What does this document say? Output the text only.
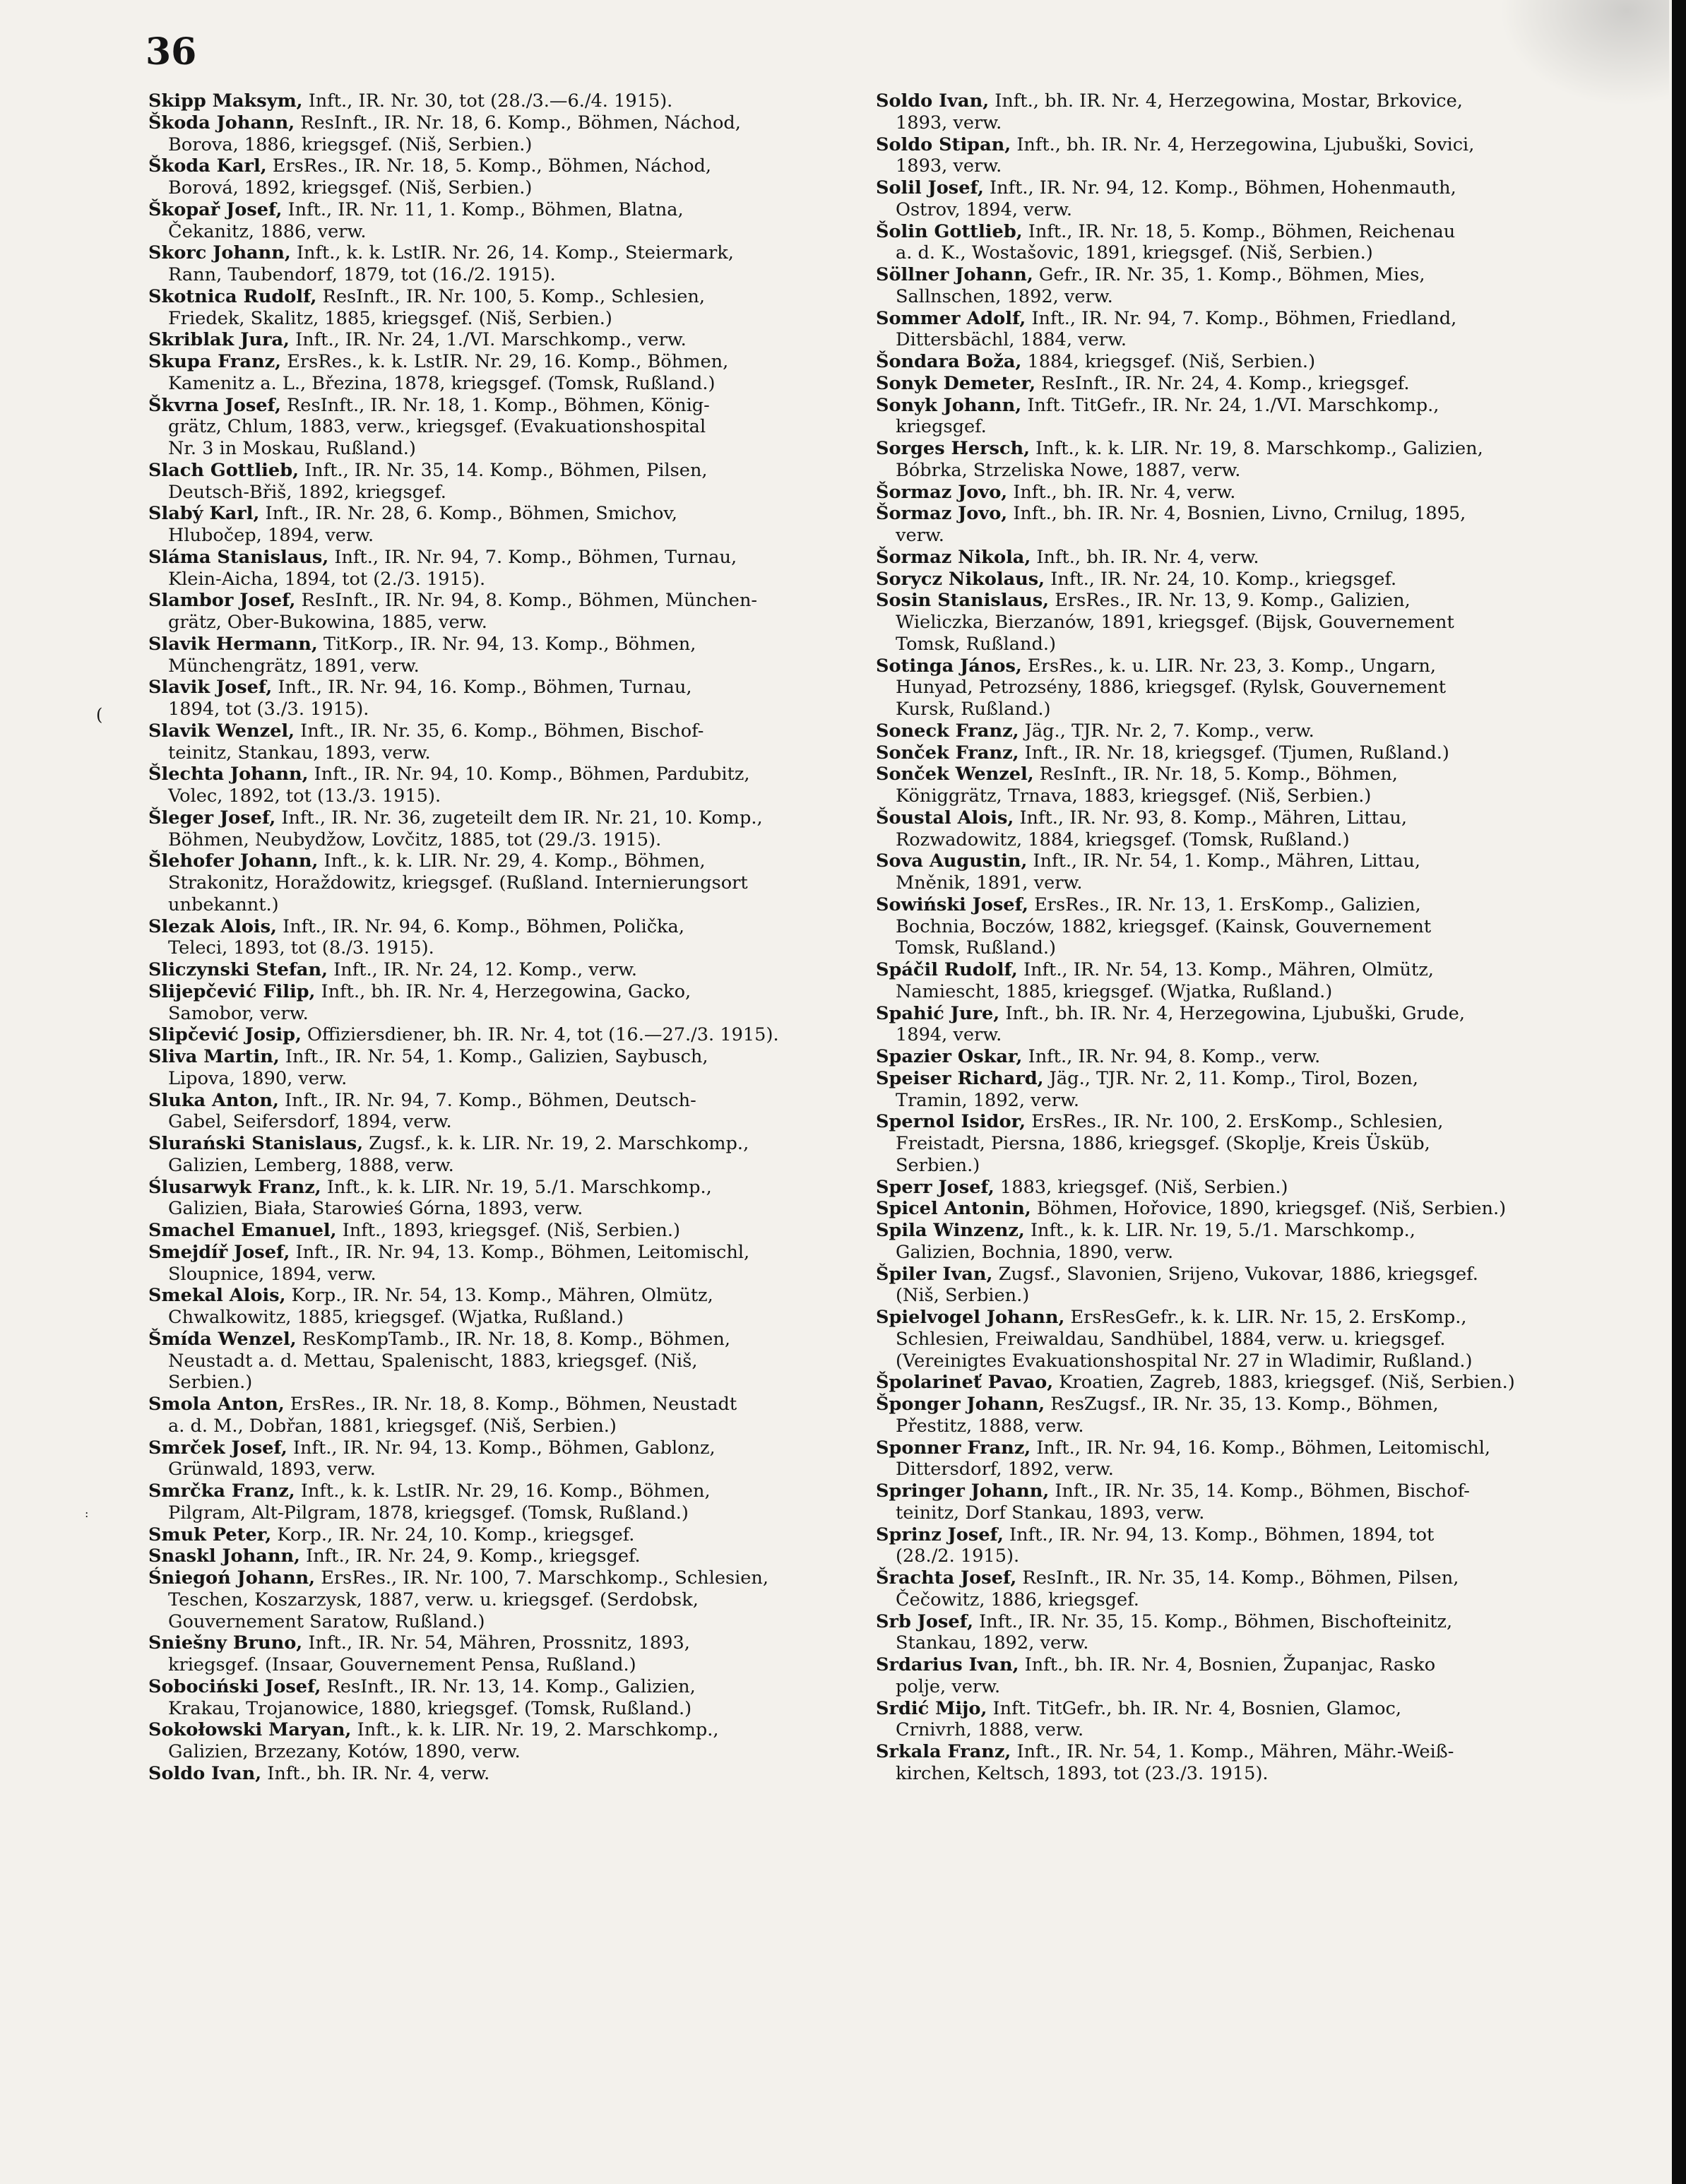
36
(
:
Skipp Maksym, Inft., IR. Nr. 30, tot (28./3.—6./4. 1915).
Škoda Johann, ResInft., IR. Nr. 18, 6. Komp., Böhmen, Náchod,
Borova, 1886, kriegsgef. (Niš, Serbien.)
Škoda Karl, ErsRes., IR. Nr. 18, 5. Komp., Böhmen, Náchod,
Borová, 1892, kriegsgef. (Niš, Serbien.)
Škopař Josef, Inft., IR. Nr. 11, 1. Komp., Böhmen, Blatna,
Čekanitz, 1886, verw.
Skorc Johann, Inft., k. k. LstIR. Nr. 26, 14. Komp., Steiermark,
Rann, Taubendorf, 1879, tot (16./2. 1915).
Skotnica Rudolf, ResInft., IR. Nr. 100, 5. Komp., Schlesien,
Friedek, Skalitz, 1885, kriegsgef. (Niš, Serbien.)
Skriblak Jura, Inft., IR. Nr. 24, 1./VI. Marschkomp., verw.
Skupa Franz, ErsRes., k. k. LstIR. Nr. 29, 16. Komp., Böhmen,
Kamenitz a. L., Březina, 1878, kriegsgef. (Tomsk, Rußland.)
Škvrna Josef, ResInft., IR. Nr. 18, 1. Komp., Böhmen, König-
grätz, Chlum, 1883, verw., kriegsgef. (Evakuationshospital
Nr. 3 in Moskau, Rußland.)
Slach Gottlieb, Inft., IR. Nr. 35, 14. Komp., Böhmen, Pilsen,
Deutsch-Břiš, 1892, kriegsgef.
Slabý Karl, Inft., IR. Nr. 28, 6. Komp., Böhmen, Smichov,
Hlubočep, 1894, verw.
Sláma Stanislaus, Inft., IR. Nr. 94, 7. Komp., Böhmen, Turnau,
Klein-Aicha, 1894, tot (2./3. 1915).
Slambor Josef, ResInft., IR. Nr. 94, 8. Komp., Böhmen, München-
grätz, Ober-Bukowina, 1885, verw.
Slavik Hermann, TitKorp., IR. Nr. 94, 13. Komp., Böhmen,
Münchengrätz, 1891, verw.
Slavik Josef, Inft., IR. Nr. 94, 16. Komp., Böhmen, Turnau,
1894, tot (3./3. 1915).
Slavik Wenzel, Inft., IR. Nr. 35, 6. Komp., Böhmen, Bischof-
teinitz, Stankau, 1893, verw.
Šlechta Johann, Inft., IR. Nr. 94, 10. Komp., Böhmen, Pardubitz,
Volec, 1892, tot (13./3. 1915).
Šleger Josef, Inft., IR. Nr. 36, zugeteilt dem IR. Nr. 21, 10. Komp.,
Böhmen, Neubydžow, Lovčitz, 1885, tot (29./3. 1915).
Šlehofer Johann, Inft., k. k. LIR. Nr. 29, 4. Komp., Böhmen,
Strakonitz, Horaždowitz, kriegsgef. (Rußland. Internierungsort
unbekannt.)
Slezak Alois, Inft., IR. Nr. 94, 6. Komp., Böhmen, Polička,
Teleci, 1893, tot (8./3. 1915).
Sliczynski Stefan, Inft., IR. Nr. 24, 12. Komp., verw.
Slijepčević Filip, Inft., bh. IR. Nr. 4, Herzegowina, Gacko,
Samobor, verw.
Slipčević Josip, Offiziersdiener, bh. IR. Nr. 4, tot (16.—27./3. 1915).
Sliva Martin, Inft., IR. Nr. 54, 1. Komp., Galizien, Saybusch,
Lipova, 1890, verw.
Sluka Anton, Inft., IR. Nr. 94, 7. Komp., Böhmen, Deutsch-
Gabel, Seifersdorf, 1894, verw.
Slurański Stanislaus, Zugsf., k. k. LIR. Nr. 19, 2. Marschkomp.,
Galizien, Lemberg, 1888, verw.
Ślusarwyk Franz, Inft., k. k. LIR. Nr. 19, 5./1. Marschkomp.,
Galizien, Biała, Starowieś Górna, 1893, verw.
Smachel Emanuel, Inft., 1893, kriegsgef. (Niš, Serbien.)
Smejdíř Josef, Inft., IR. Nr. 94, 13. Komp., Böhmen, Leitomischl,
Sloupnice, 1894, verw.
Smekal Alois, Korp., IR. Nr. 54, 13. Komp., Mähren, Olmütz,
Chwalkowitz, 1885, kriegsgef. (Wjatka, Rußland.)
Šmída Wenzel, ResKompTamb., IR. Nr. 18, 8. Komp., Böhmen,
Neustadt a. d. Mettau, Spalenischt, 1883, kriegsgef. (Niš,
Serbien.)
Smola Anton, ErsRes., IR. Nr. 18, 8. Komp., Böhmen, Neustadt
a. d. M., Dobřan, 1881, kriegsgef. (Niš, Serbien.)
Smrček Josef, Inft., IR. Nr. 94, 13. Komp., Böhmen, Gablonz,
Grünwald, 1893, verw.
Smrčka Franz, Inft., k. k. LstIR. Nr. 29, 16. Komp., Böhmen,
Pilgram, Alt-Pilgram, 1878, kriegsgef. (Tomsk, Rußland.)
Smuk Peter, Korp., IR. Nr. 24, 10. Komp., kriegsgef.
Snaskl Johann, Inft., IR. Nr. 24, 9. Komp., kriegsgef.
Śniegoń Johann, ErsRes., IR. Nr. 100, 7. Marschkomp., Schlesien,
Teschen, Koszarzysk, 1887, verw. u. kriegsgef. (Serdobsk,
Gouvernement Saratow, Rußland.)
Sniešny Bruno, Inft., IR. Nr. 54, Mähren, Prossnitz, 1893,
kriegsgef. (Insaar, Gouvernement Pensa, Rußland.)
Sobociński Josef, ResInft., IR. Nr. 13, 14. Komp., Galizien,
Krakau, Trojanowice, 1880, kriegsgef. (Tomsk, Rußland.)
Sokołowski Maryan, Inft., k. k. LIR. Nr. 19, 2. Marschkomp.,
Galizien, Brzezany, Kotów, 1890, verw.
Soldo Ivan, Inft., bh. IR. Nr. 4, verw.
Soldo Ivan, Inft., bh. IR. Nr. 4, Herzegowina, Mostar, Brkovice,
1893, verw.
Soldo Stipan, Inft., bh. IR. Nr. 4, Herzegowina, Ljubuški, Sovici,
1893, verw.
Solil Josef, Inft., IR. Nr. 94, 12. Komp., Böhmen, Hohenmauth,
Ostrov, 1894, verw.
Šolin Gottlieb, Inft., IR. Nr. 18, 5. Komp., Böhmen, Reichenau
a. d. K., Wostašovic, 1891, kriegsgef. (Niš, Serbien.)
Söllner Johann, Gefr., IR. Nr. 35, 1. Komp., Böhmen, Mies,
Sallnschen, 1892, verw.
Sommer Adolf, Inft., IR. Nr. 94, 7. Komp., Böhmen, Friedland,
Dittersbächl, 1884, verw.
Šondara Boža, 1884, kriegsgef. (Niš, Serbien.)
Sonyk Demeter, ResInft., IR. Nr. 24, 4. Komp., kriegsgef.
Sonyk Johann, Inft. TitGefr., IR. Nr. 24, 1./VI. Marschkomp.,
kriegsgef.
Sorges Hersch, Inft., k. k. LIR. Nr. 19, 8. Marschkomp., Galizien,
Bóbrka, Strzeliska Nowe, 1887, verw.
Šormaz Jovo, Inft., bh. IR. Nr. 4, verw.
Šormaz Jovo, Inft., bh. IR. Nr. 4, Bosnien, Livno, Crnilug, 1895,
verw.
Šormaz Nikola, Inft., bh. IR. Nr. 4, verw.
Sorycz Nikolaus, Inft., IR. Nr. 24, 10. Komp., kriegsgef.
Sosin Stanislaus, ErsRes., IR. Nr. 13, 9. Komp., Galizien,
Wieliczka, Bierzanów, 1891, kriegsgef. (Bijsk, Gouvernement
Tomsk, Rußland.)
Sotinga János, ErsRes., k. u. LIR. Nr. 23, 3. Komp., Ungarn,
Hunyad, Petrozsény, 1886, kriegsgef. (Rylsk, Gouvernement
Kursk, Rußland.)
Soneck Franz, Jäg., TJR. Nr. 2, 7. Komp., verw.
Sonček Franz, Inft., IR. Nr. 18, kriegsgef. (Tjumen, Rußland.)
Sonček Wenzel, ResInft., IR. Nr. 18, 5. Komp., Böhmen,
Königgrätz, Trnava, 1883, kriegsgef. (Niš, Serbien.)
Šoustal Alois, Inft., IR. Nr. 93, 8. Komp., Mähren, Littau,
Rozwadowitz, 1884, kriegsgef. (Tomsk, Rußland.)
Sova Augustin, Inft., IR. Nr. 54, 1. Komp., Mähren, Littau,
Mněnik, 1891, verw.
Sowiński Josef, ErsRes., IR. Nr. 13, 1. ErsKomp., Galizien,
Bochnia, Boczów, 1882, kriegsgef. (Kainsk, Gouvernement
Tomsk, Rußland.)
Spáčil Rudolf, Inft., IR. Nr. 54, 13. Komp., Mähren, Olmütz,
Namiescht, 1885, kriegsgef. (Wjatka, Rußland.)
Spahić Jure, Inft., bh. IR. Nr. 4, Herzegowina, Ljubuški, Grude,
1894, verw.
Spazier Oskar, Inft., IR. Nr. 94, 8. Komp., verw.
Speiser Richard, Jäg., TJR. Nr. 2, 11. Komp., Tirol, Bozen,
Tramin, 1892, verw.
Spernol Isidor, ErsRes., IR. Nr. 100, 2. ErsKomp., Schlesien,
Freistadt, Piersna, 1886, kriegsgef. (Skoplje, Kreis Üsküb,
Serbien.)
Sperr Josef, 1883, kriegsgef. (Niš, Serbien.)
Spicel Antonin, Böhmen, Hořovice, 1890, kriegsgef. (Niš, Serbien.)
Spila Winzenz, Inft., k. k. LIR. Nr. 19, 5./1. Marschkomp.,
Galizien, Bochnia, 1890, verw.
Špiler Ivan, Zugsf., Slavonien, Srijeno, Vukovar, 1886, kriegsgef.
(Niš, Serbien.)
Spielvogel Johann, ErsResGefr., k. k. LIR. Nr. 15, 2. ErsKomp.,
Schlesien, Freiwaldau, Sandhübel, 1884, verw. u. kriegsgef.
(Vereinigtes Evakuationshospital Nr. 27 in Wladimir, Rußland.)
Špolarineť Pavao, Kroatien, Zagreb, 1883, kriegsgef. (Niš, Serbien.)
Šponger Johann, ResZugsf., IR. Nr. 35, 13. Komp., Böhmen,
Přestitz, 1888, verw.
Sponner Franz, Inft., IR. Nr. 94, 16. Komp., Böhmen, Leitomischl,
Dittersdorf, 1892, verw.
Springer Johann, Inft., IR. Nr. 35, 14. Komp., Böhmen, Bischof-
teinitz, Dorf Stankau, 1893, verw.
Sprinz Josef, Inft., IR. Nr. 94, 13. Komp., Böhmen, 1894, tot
(28./2. 1915).
Šrachta Josef, ResInft., IR. Nr. 35, 14. Komp., Böhmen, Pilsen,
Čečowitz, 1886, kriegsgef.
Srb Josef, Inft., IR. Nr. 35, 15. Komp., Böhmen, Bischofteinitz,
Stankau, 1892, verw.
Srdarius Ivan, Inft., bh. IR. Nr. 4, Bosnien, Županjac, Rasko
polje, verw.
Srdić Mijo, Inft. TitGefr., bh. IR. Nr. 4, Bosnien, Glamoc,
Crnivrh, 1888, verw.
Srkala Franz, Inft., IR. Nr. 54, 1. Komp., Mähren, Mähr.-Weiß-
kirchen, Keltsch, 1893, tot (23./3. 1915).
